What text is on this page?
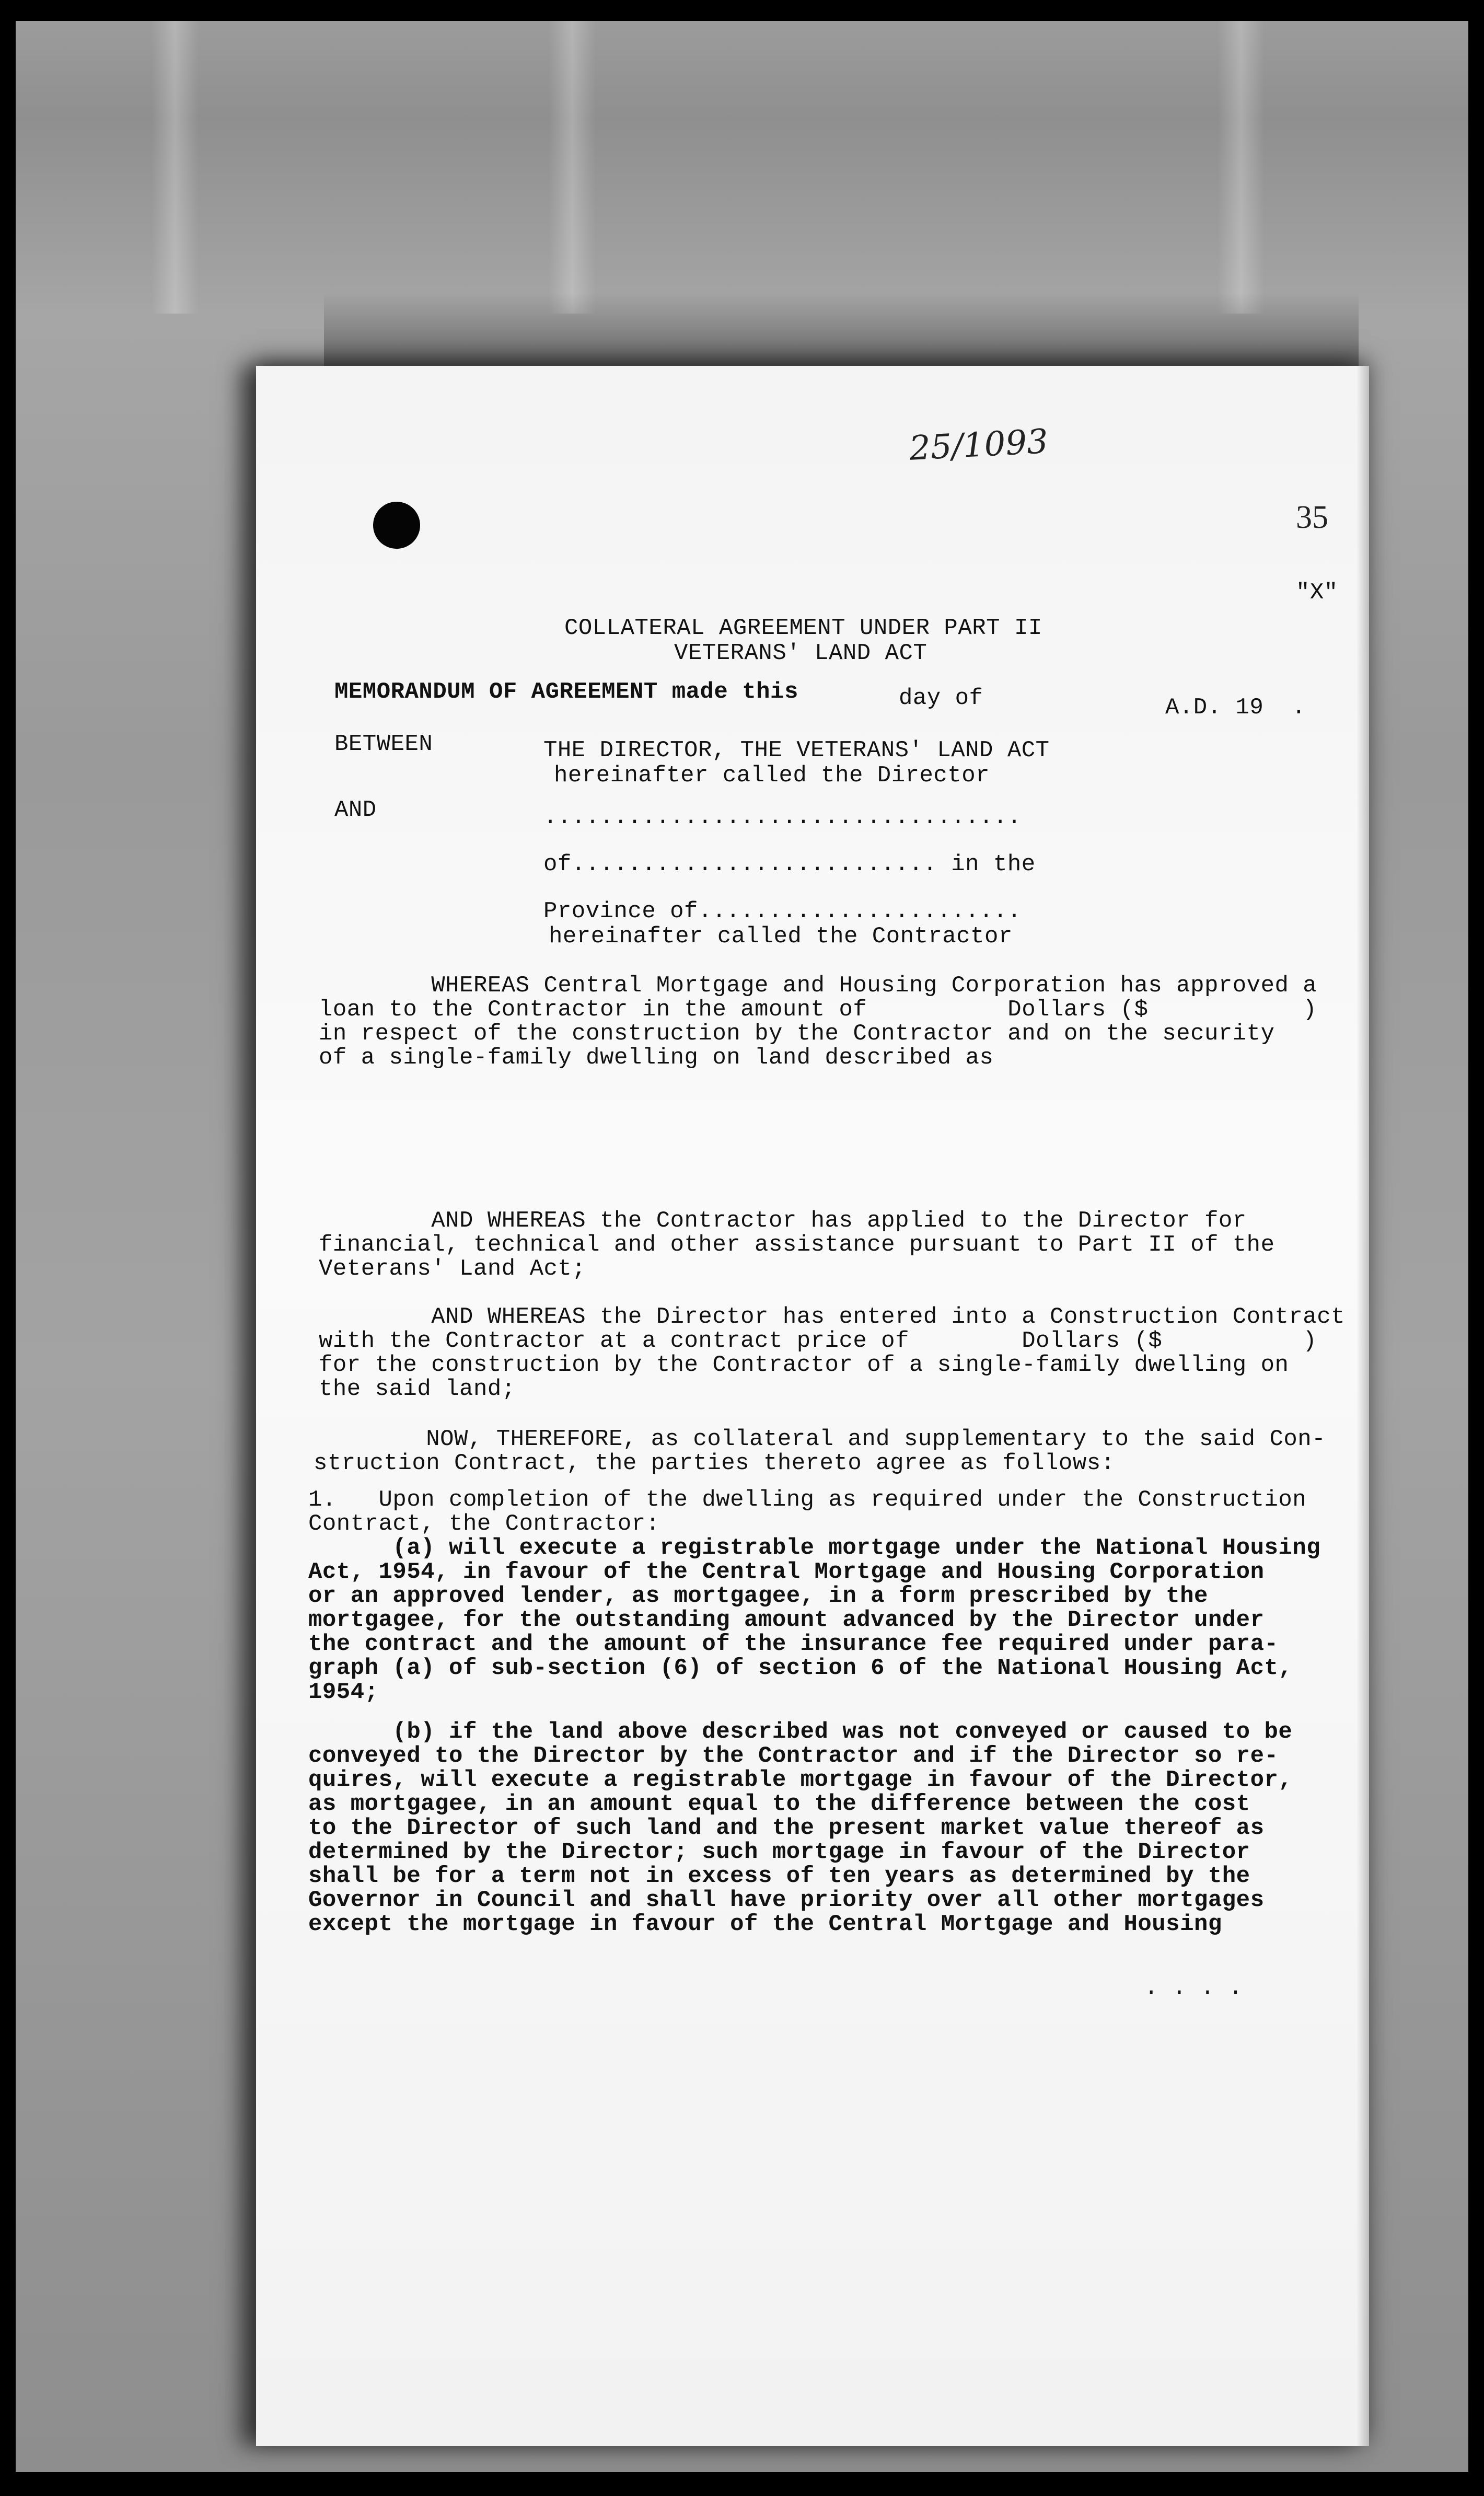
25/1093
35
"X"
COLLATERAL AGREEMENT UNDER PART II
VETERANS' LAND ACT
MEMORANDUM OF AGREEMENT made this	day of	A.D. 19  .
BETWEEN	THE DIRECTOR, THE VETERANS' LAND ACT
hereinafter called the Director
AND	..................................
of.......................... in the
Province of.......................
hereinafter called the Contractor
WHEREAS Central Mortgage and Housing Corporation has approved a
loan to the Contractor in the amount of          Dollars ($           )
in respect of the construction by the Contractor and on the security
of a single-family dwelling on land described as
AND WHEREAS the Contractor has applied to the Director for
financial, technical and other assistance pursuant to Part II of the
Veterans' Land Act;
AND WHEREAS the Director has entered into a Construction Contract
with the Contractor at a contract price of        Dollars ($          )
for the construction by the Contractor of a single-family dwelling on
the said land;
NOW, THEREFORE, as collateral and supplementary to the said Con-
struction Contract, the parties thereto agree as follows:
1.   Upon completion of the dwelling as required under the Construction
Contract, the Contractor:
(a) will execute a registrable mortgage under the National Housing
Act, 1954, in favour of the Central Mortgage and Housing Corporation
or an approved lender, as mortgagee, in a form prescribed by the
mortgagee, for the outstanding amount advanced by the Director under
the contract and the amount of the insurance fee required under para-
graph (a) of sub-section (6) of section 6 of the National Housing Act,
1954;
(b) if the land above described was not conveyed or caused to be
conveyed to the Director by the Contractor and if the Director so re-
quires, will execute a registrable mortgage in favour of the Director,
as mortgagee, in an amount equal to the difference between the cost
to the Director of such land and the present market value thereof as
determined by the Director; such mortgage in favour of the Director
shall be for a term not in excess of ten years as determined by the
Governor in Council and shall have priority over all other mortgages
except the mortgage in favour of the Central Mortgage and Housing
. . . .
